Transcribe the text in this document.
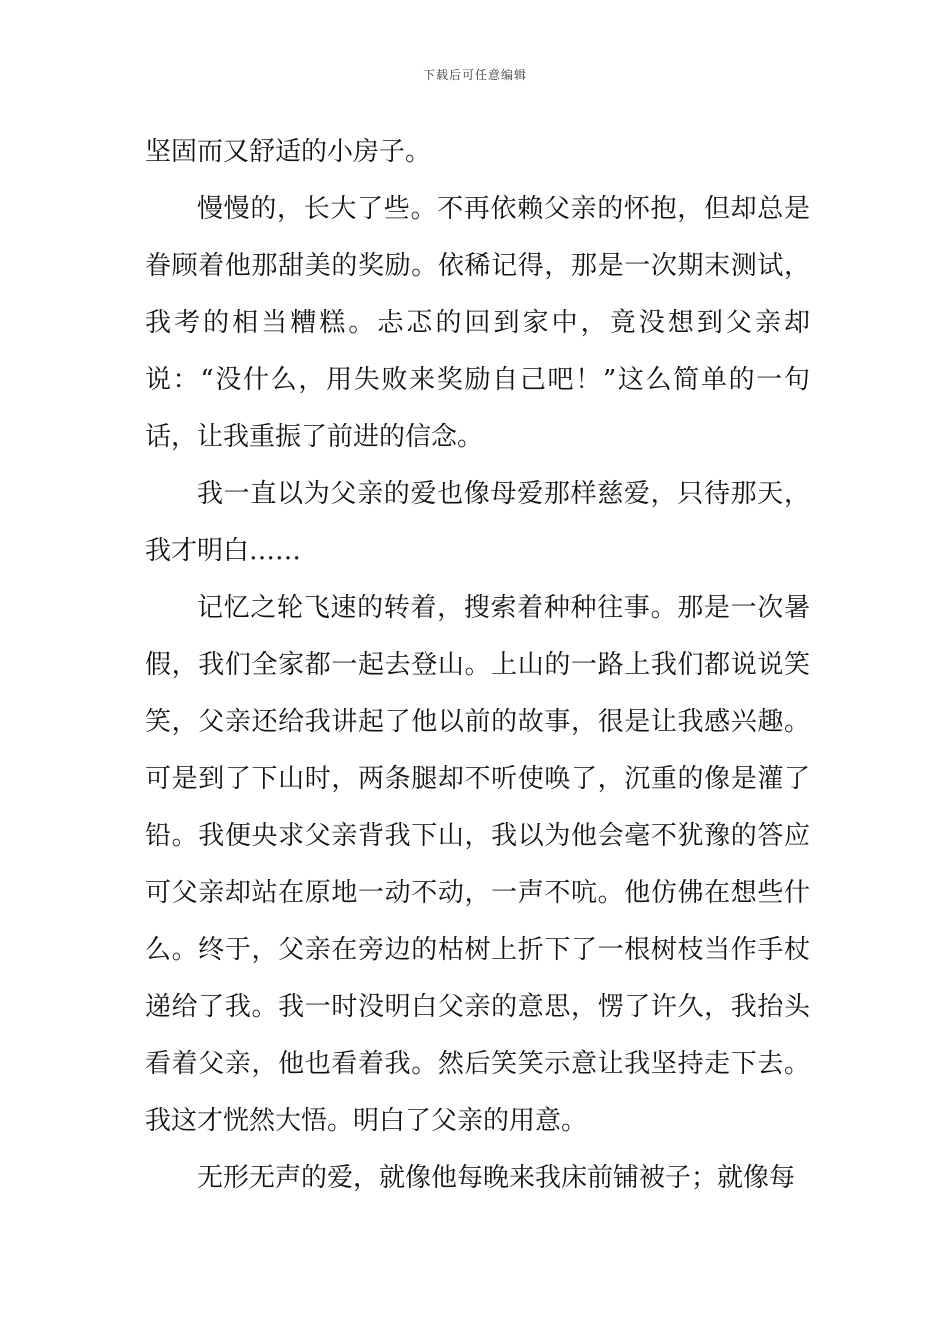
下载后可任意编辑

坚固而又舒适的小房子。

慢慢的，长大了些。不再依赖父亲的怀抱，但却总是眷顾着他那甜美的奖励。依稀记得，那是一次期末测试，我考的相当糟糕。忐忑的回到家中，竟没想到父亲却说：“没什么，用失败来奖励自己吧！”这么简单的一句话，让我重振了前进的信念。

我一直以为父亲的爱也像母爱那样慈爱，只待那天，我才明白……

记忆之轮飞速的转着，搜索着种种往事。那是一次暑假，我们全家都一起去登山。上山的一路上我们都说说笑笑，父亲还给我讲起了他以前的故事，很是让我感兴趣。可是到了下山时，两条腿却不听使唤了，沉重的像是灌了铅。我便央求父亲背我下山，我以为他会毫不犹豫的答应可父亲却站在原地一动不动，一声不吭。他仿佛在想些什么。终于，父亲在旁边的枯树上折下了一根树枝当作手杖递给了我。我一时没明白父亲的意思，愣了许久，我抬头看着父亲，他也看着我。然后笑笑示意让我坚持走下去。我这才恍然大悟。明白了父亲的用意。

无形无声的爱，就像他每晚来我床前铺被子；就像每
